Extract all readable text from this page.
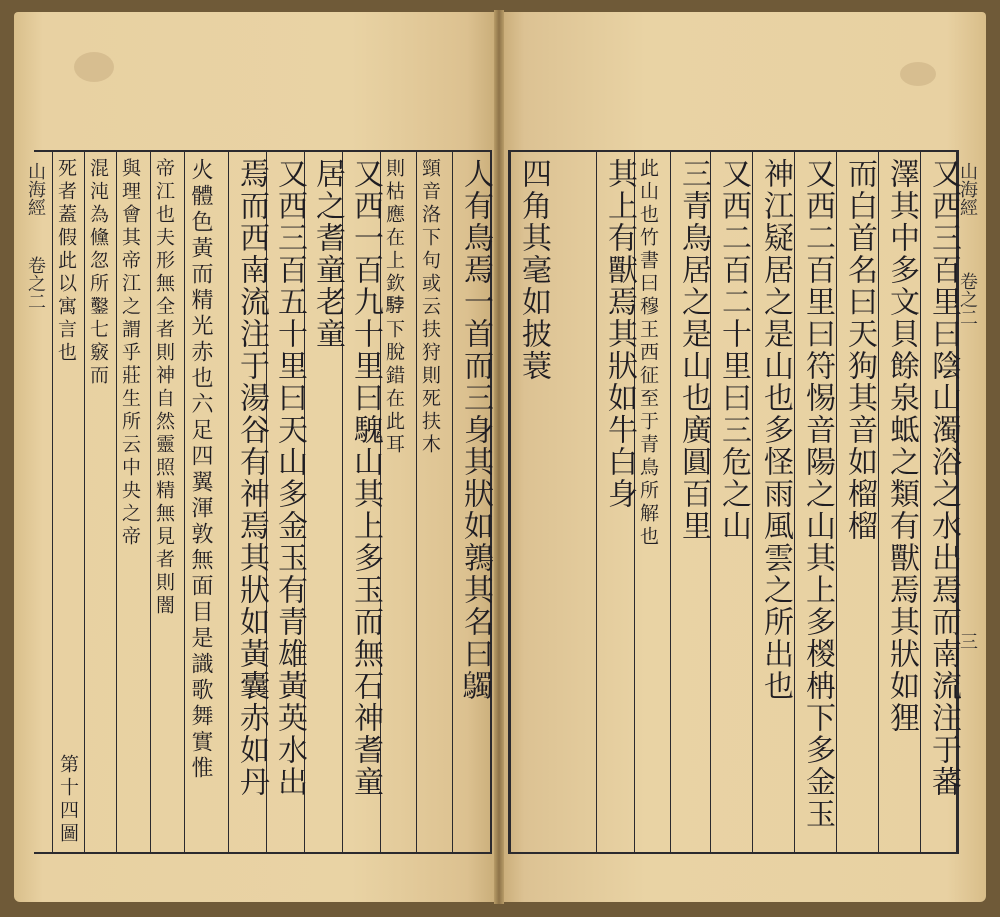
人有鳥焉一首而三身其狀如鶉其名曰𪇆
頸音洛下句或云扶狩則死扶木
則枯應在上欽𩣡下脫錯在此耳
又西一百九十里曰騩山其上多玉而無石神耆童
居之耆童老童
又西三百五十里曰天山多金玉有青雄黃英水出
焉而西南流注于湯谷有神焉其狀如黃囊赤如丹
火體色黃而精光赤也六足四翼渾敦無面目是識歌舞實惟
帝江也夫形無全者則神自然靈照精無見者則闇
與理會其帝江之謂乎莊生所云中央之帝
混沌為儵忽所鑿七竅而
死者蓋假此以寓言也
第十四圖
山海經
卷之二	又西三百里曰陰山濁浴之水出焉而南流注于蕃
澤其中多文貝餘泉蚳之類有獸焉其狀如狸
而白首名曰天狗其音如榴榴
又西二百里曰符惕音陽之山其上多椶柟下多金玉
神江疑居之是山也多怪雨風雲之所出也
又西二百二十里曰三危之山
三青鳥居之是山也廣圓百里
此山也竹書曰穆王西征至于青鳥所解也
其上有獸焉其狀如牛白身
四角其毫如披蓑	山海經
卷之二
三
